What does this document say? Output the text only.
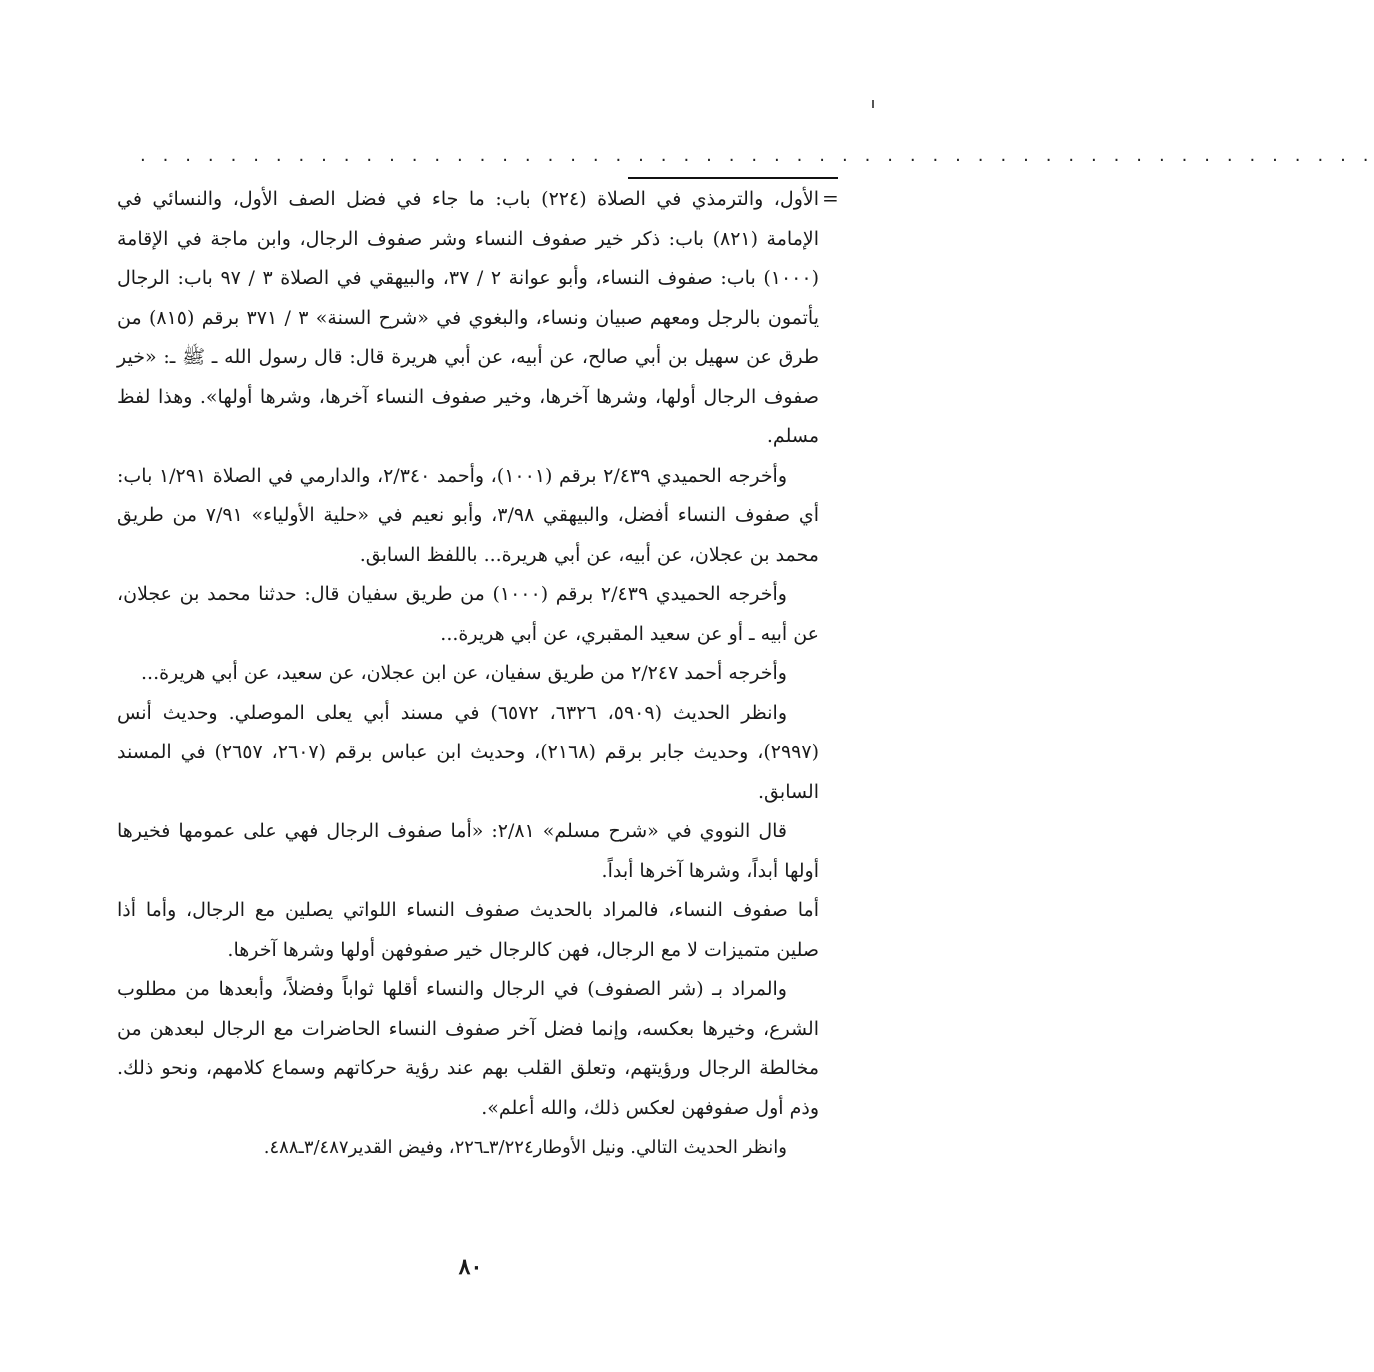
. . . . . . . . . . . . . . . . . . . . . . . . . . . . . . . . . . . . . . . . . . . . . . . . . . . . . . .
=

الأول، والترمذي في الصلاة (٢٢٤) باب: ما جاء في فضل الصف الأول، والنسائي في الإمامة (٨٢١) باب: ذكر خير صفوف النساء وشر صفوف الرجال، وابن ماجة في الإقامة (١٠٠٠) باب: صفوف النساء، وأبو عوانة ٢ / ٣٧، والبيهقي في الصلاة ٣ / ٩٧ باب: الرجال يأتمون بالرجل ومعهم صبيان ونساء، والبغوي في «شرح السنة» ٣ / ٣٧١ برقم (٨١٥) من طرق عن سهيل بن أبي صالح، عن أبيه، عن أبي هريرة قال: قال رسول الله ـ ﷺ ـ: «خير صفوف الرجال أولها، وشرها آخرها، وخير صفوف النساء آخرها، وشرها أولها». وهذا لفظ مسلم.

وأخرجه الحميدي ٢/٤٣٩ برقم (١٠٠١)، وأحمد ٢/٣٤٠، والدارمي في الصلاة ١/٢٩١ باب: أي صفوف النساء أفضل، والبيهقي ٣/٩٨، وأبو نعيم في «حلية الأولياء» ٧/٩١ من طريق محمد بن عجلان، عن أبيه، عن أبي هريرة... باللفظ السابق.

وأخرجه الحميدي ٢/٤٣٩ برقم (١٠٠٠) من طريق سفيان قال: حدثنا محمد بن عجلان، عن أبيه ـ أو عن سعيد المقبري، عن أبي هريرة...

وأخرجه أحمد ٢/٢٤٧ من طريق سفيان، عن ابن عجلان، عن سعيد، عن أبي هريرة...

وانظر الحديث (٥٩٠٩، ٦٣٢٦، ٦٥٧٢) في مسند أبي يعلى الموصلي. وحديث أنس (٢٩٩٧)، وحديث جابر برقم (٢١٦٨)، وحديث ابن عباس برقم (٢٦٠٧، ٢٦٥٧) في المسند السابق.

قال النووي في «شرح مسلم» ٢/٨١: «أما صفوف الرجال فهي على عمومها فخيرها أولها أبداً، وشرها آخرها أبداً.

أما صفوف النساء، فالمراد بالحديث صفوف النساء اللواتي يصلين مع الرجال، وأما أذا صلين متميزات لا مع الرجال، فهن كالرجال خير صفوفهن أولها وشرها آخرها.

والمراد بـ (شر الصفوف) في الرجال والنساء أقلها ثواباً وفضلاً، وأبعدها من مطلوب الشرع، وخيرها بعكسه، وإنما فضل آخر صفوف النساء الحاضرات مع الرجال لبعدهن من مخالطة الرجال ورؤيتهم، وتعلق القلب بهم عند رؤية حركاتهم وسماع كلامهم، ونحو ذلك. وذم أول صفوفهن لعكس ذلك، والله أعلم».

وانظر الحديث التالي. ونيل الأوطار٣/٢٢٤ـ٢٢٦، وفيض القدير٣/٤٨٧ـ٤٨٨.

٨٠
